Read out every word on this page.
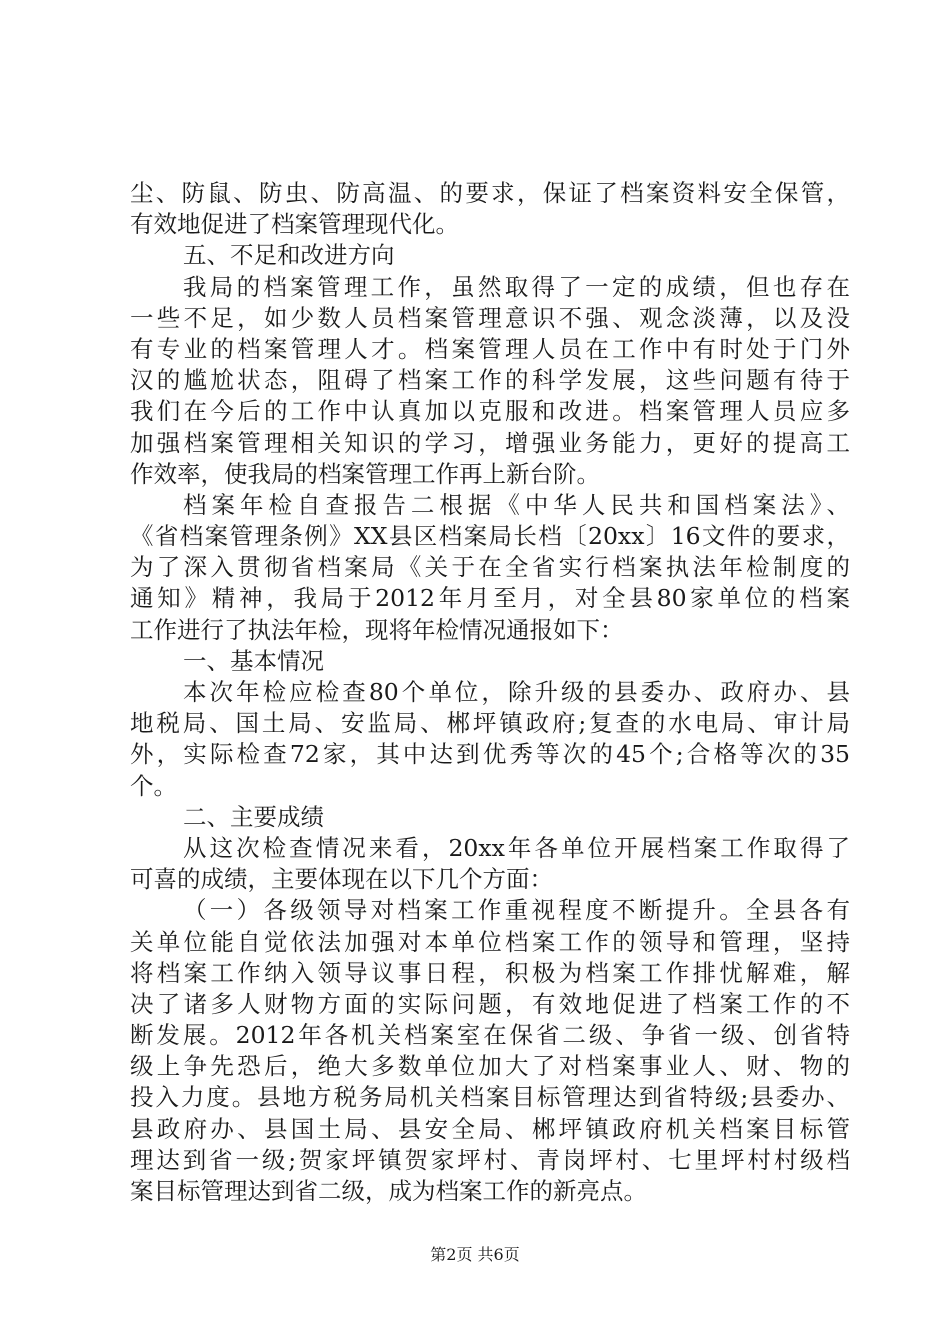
尘、防鼠、防虫、防高温、的要求，保证了档案资料安全保管，
有效地促进了档案管理现代化。
五、不足和改进方向
我局的档案管理工作，虽然取得了一定的成绩，但也存在
一些不足，如少数人员档案管理意识不强、观念淡薄，以及没
有专业的档案管理人才。档案管理人员在工作中有时处于门外
汉的尴尬状态，阻碍了档案工作的科学发展，这些问题有待于
我们在今后的工作中认真加以克服和改进。档案管理人员应多
加强档案管理相关知识的学习，增强业务能力，更好的提高工
作效率，使我局的档案管理工作再上新台阶。
档案年检自查报告二根据《中华人民共和国档案法》、
《省档案管理条例》XX县区档案局长档〔20xx〕16文件的要求，
为了深入贯彻省档案局《关于在全省实行档案执法年检制度的
通知》精神，我局于2012年月至月，对全县80家单位的档案
工作进行了执法年检，现将年检情况通报如下：
一、基本情况
本次年检应检查80个单位，除升级的县委办、政府办、县
地税局、国土局、安监局、郴坪镇政府;复查的水电局、审计局
外，实际检查72家，其中达到优秀等次的45个;合格等次的35
个。
二、主要成绩
从这次检查情况来看，20xx年各单位开展档案工作取得了
可喜的成绩，主要体现在以下几个方面：
（一）各级领导对档案工作重视程度不断提升。全县各有
关单位能自觉依法加强对本单位档案工作的领导和管理，坚持
将档案工作纳入领导议事日程，积极为档案工作排忧解难，解
决了诸多人财物方面的实际问题，有效地促进了档案工作的不
断发展。2012年各机关档案室在保省二级、争省一级、创省特
级上争先恐后，绝大多数单位加大了对档案事业人、财、物的
投入力度。县地方税务局机关档案目标管理达到省特级;县委办、
县政府办、县国土局、县安全局、郴坪镇政府机关档案目标管
理达到省一级;贺家坪镇贺家坪村、青岗坪村、七里坪村村级档
案目标管理达到省二级，成为档案工作的新亮点。
第2页 共6页
